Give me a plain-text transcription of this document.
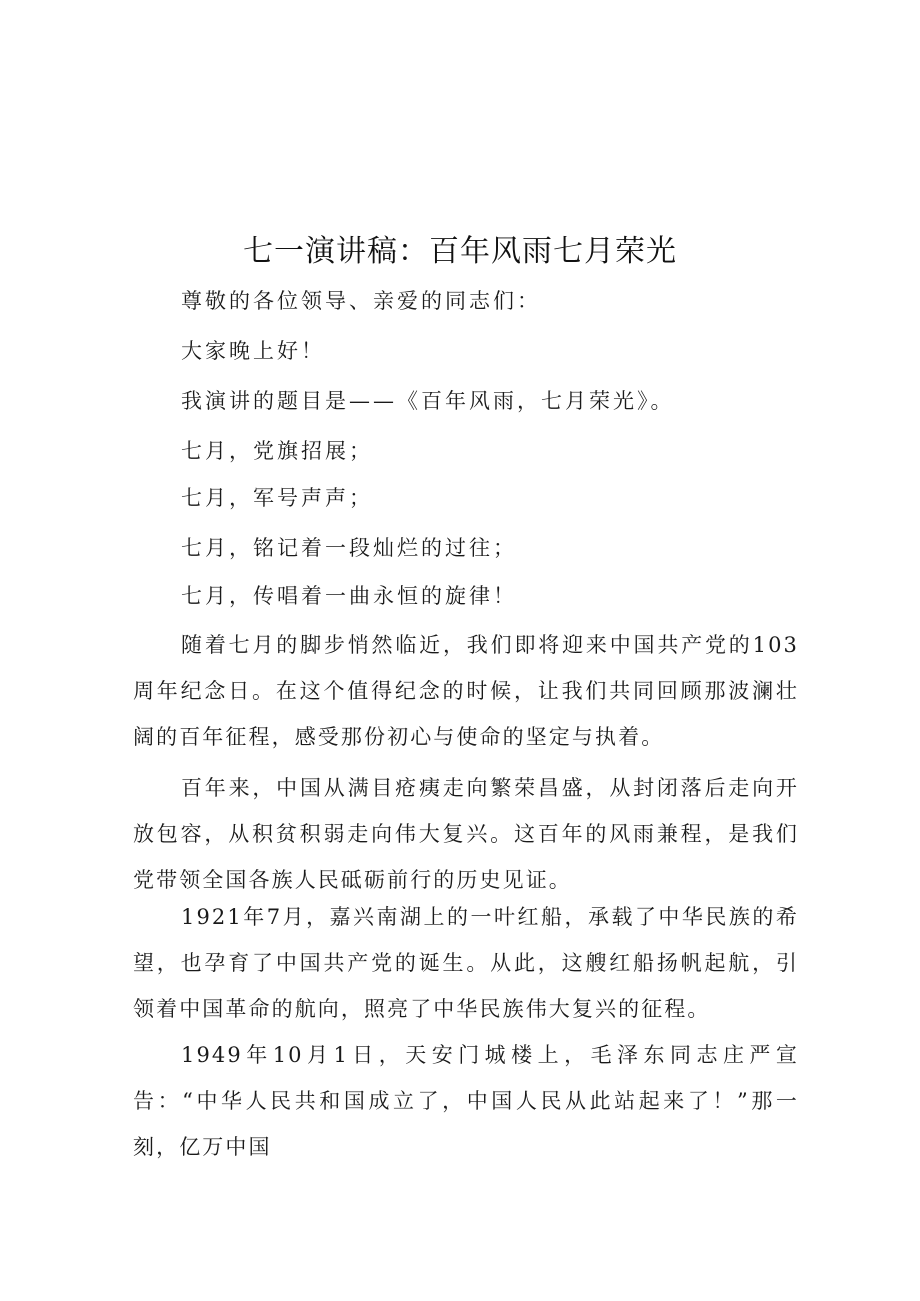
七一演讲稿：百年风雨七月荣光

尊敬的各位领导、亲爱的同志们：

大家晚上好！

我演讲的题目是——《百年风雨，七月荣光》。

七月，党旗招展；

七月，军号声声；

七月，铭记着一段灿烂的过往；

七月，传唱着一曲永恒的旋律！

随着七月的脚步悄然临近，我们即将迎来中国共产党的103周年纪念日。在这个值得纪念的时候，让我们共同回顾那波澜壮阔的百年征程，感受那份初心与使命的坚定与执着。

百年来，中国从满目疮痍走向繁荣昌盛，从封闭落后走向开放包容，从积贫积弱走向伟大复兴。这百年的风雨兼程，是我们党带领全国各族人民砥砺前行的历史见证。

1921年7月，嘉兴南湖上的一叶红船，承载了中华民族的希望，也孕育了中国共产党的诞生。从此，这艘红船扬帆起航，引领着中国革命的航向，照亮了中华民族伟大复兴的征程。

1949年10月1日，天安门城楼上，毛泽东同志庄严宣告：“中华人民共和国成立了，中国人民从此站起来了！”那一刻，亿万中国
